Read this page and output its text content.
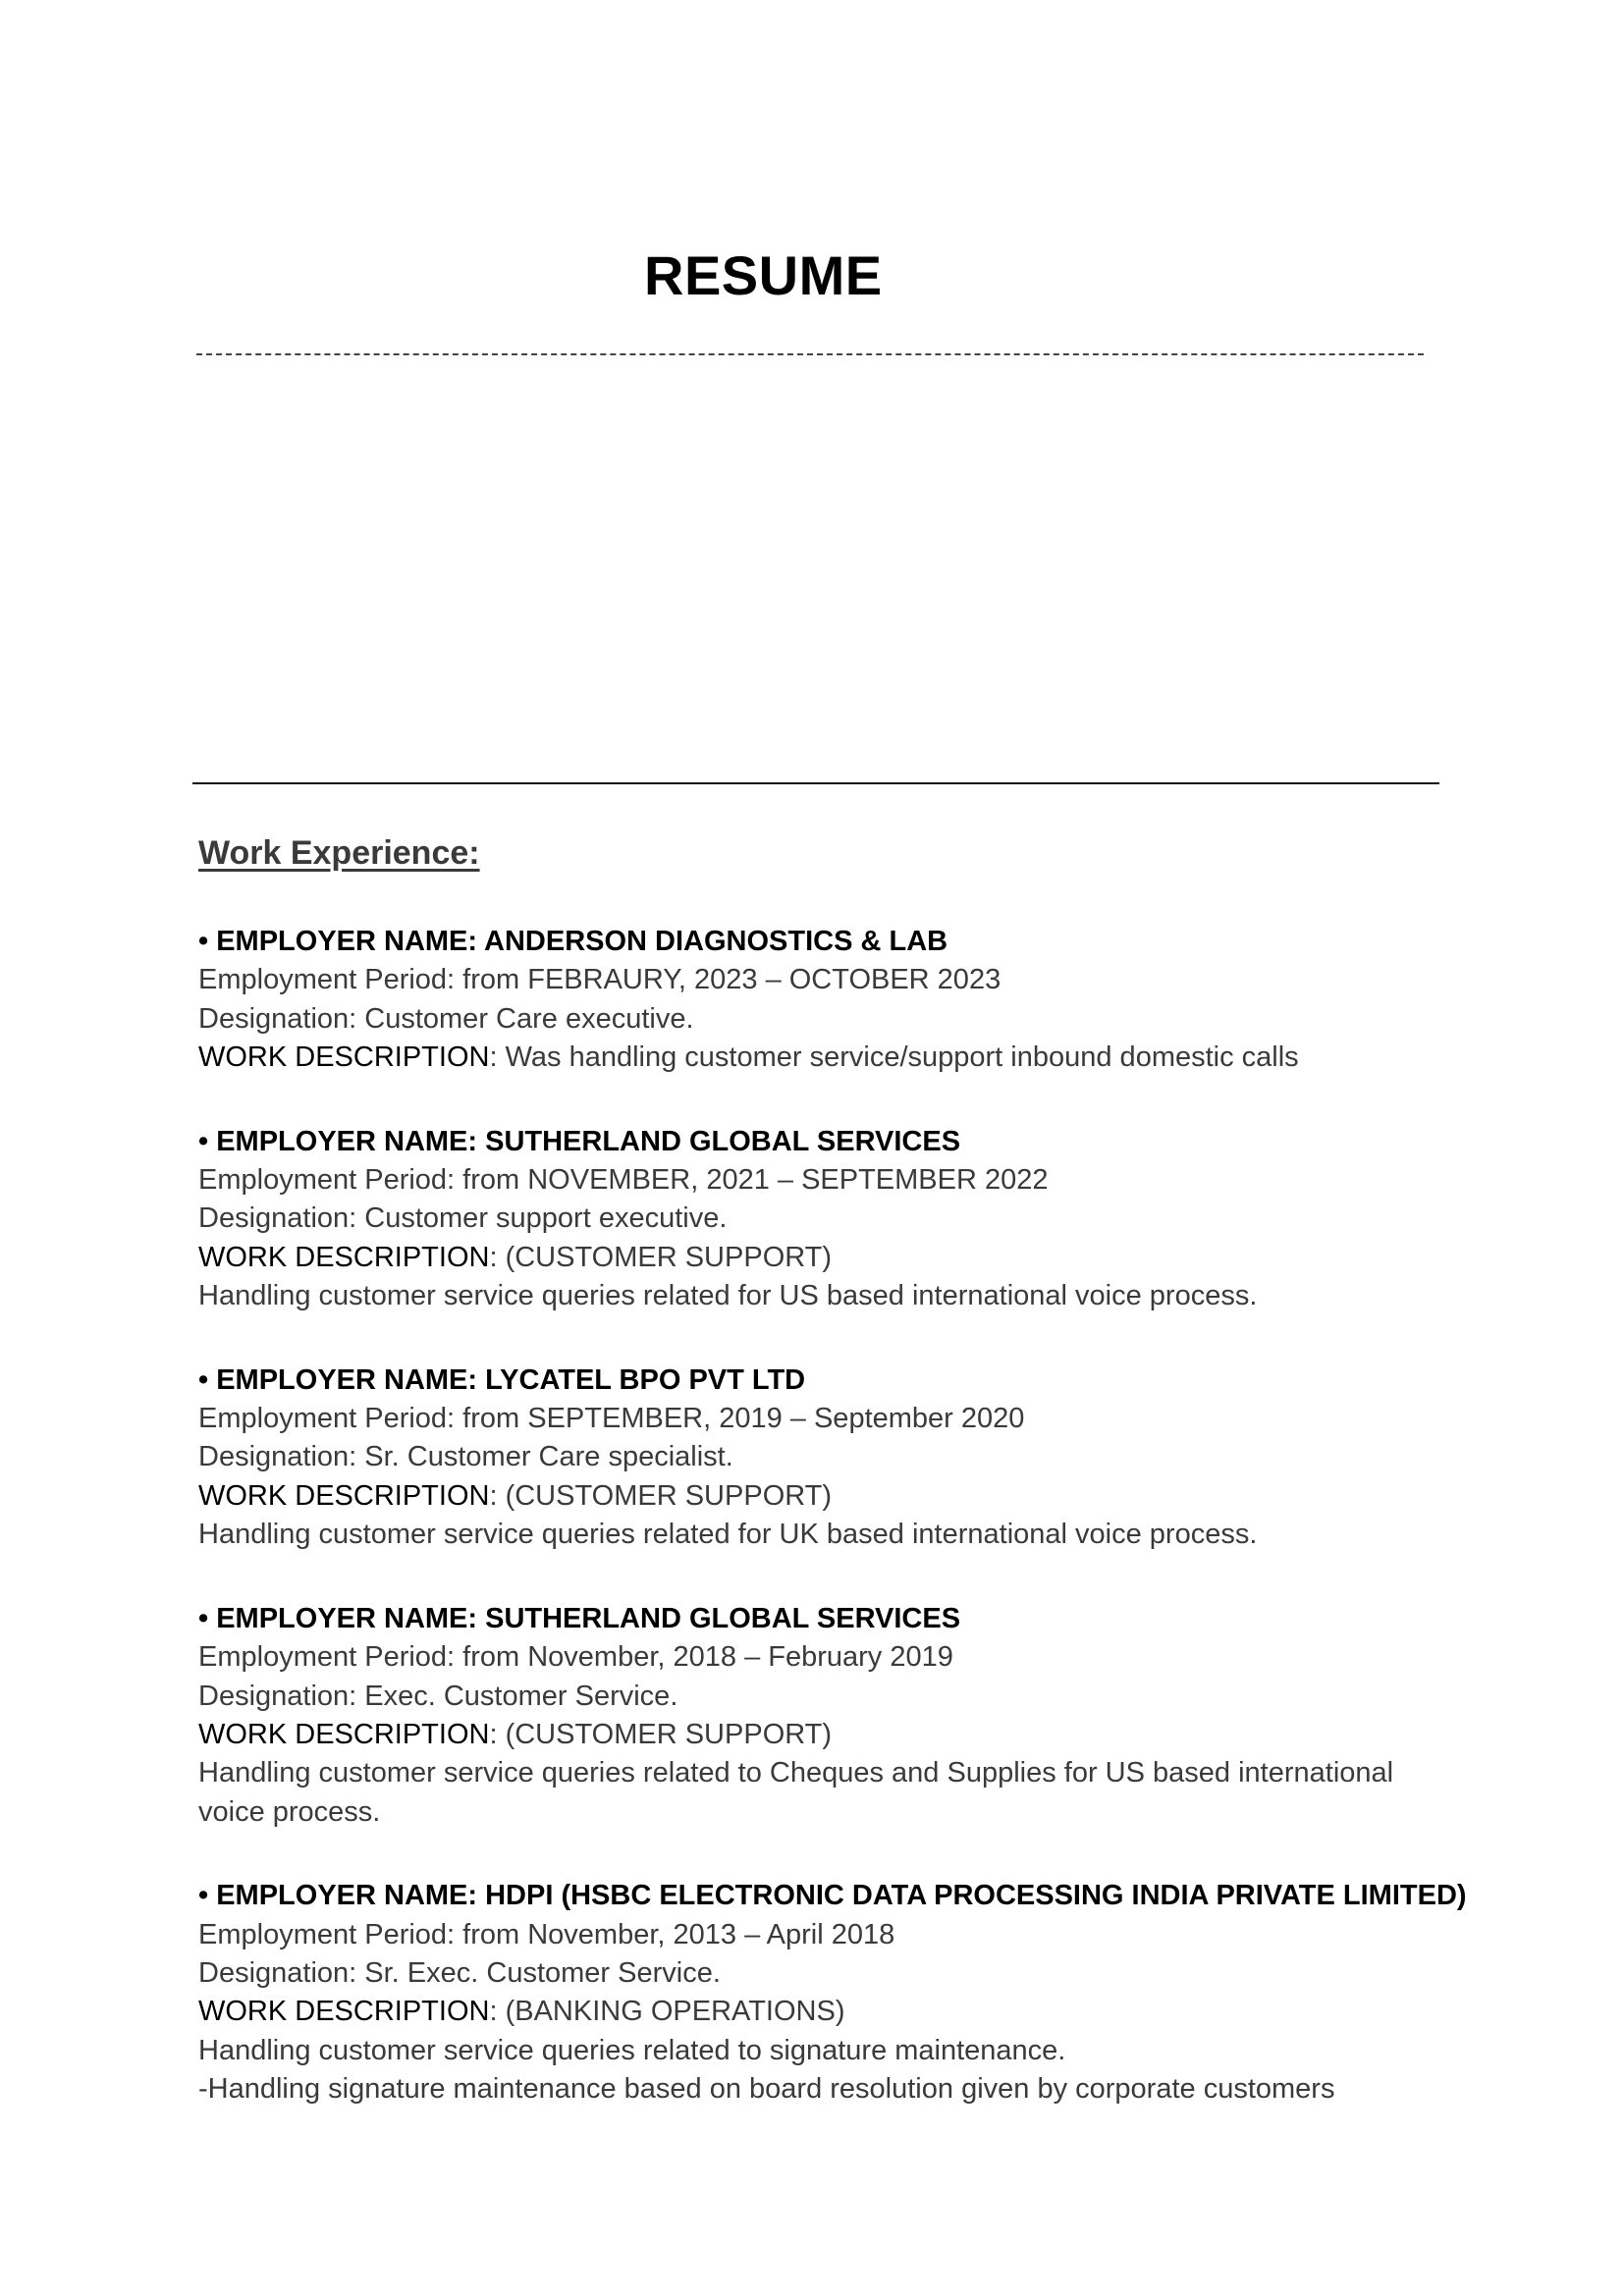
RESUME
Work Experience:
• EMPLOYER NAME: ANDERSON DIAGNOSTICS & LAB
Employment Period: from FEBRAURY, 2023 – OCTOBER 2023
Designation: Customer Care executive.
WORK DESCRIPTION: Was handling customer service/support inbound domestic calls
• EMPLOYER NAME: SUTHERLAND GLOBAL SERVICES
Employment Period: from NOVEMBER, 2021 – SEPTEMBER 2022
Designation: Customer support executive.
WORK DESCRIPTION: (CUSTOMER SUPPORT)
Handling customer service queries related for US based international voice process.
• EMPLOYER NAME: LYCATEL BPO PVT LTD
Employment Period: from SEPTEMBER, 2019 – September 2020
Designation: Sr. Customer Care specialist.
WORK DESCRIPTION: (CUSTOMER SUPPORT)
Handling customer service queries related for UK based international voice process.
• EMPLOYER NAME: SUTHERLAND GLOBAL SERVICES
Employment Period: from November, 2018 – February 2019
Designation: Exec. Customer Service.
WORK DESCRIPTION: (CUSTOMER SUPPORT)
Handling customer service queries related to Cheques and Supplies for US based international
voice process.
• EMPLOYER NAME: HDPI (HSBC ELECTRONIC DATA PROCESSING INDIA PRIVATE LIMITED)
Employment Period: from November, 2013 – April 2018
Designation: Sr. Exec. Customer Service.
WORK DESCRIPTION: (BANKING OPERATIONS)
Handling customer service queries related to signature maintenance.
-Handling signature maintenance based on board resolution given by corporate customers
